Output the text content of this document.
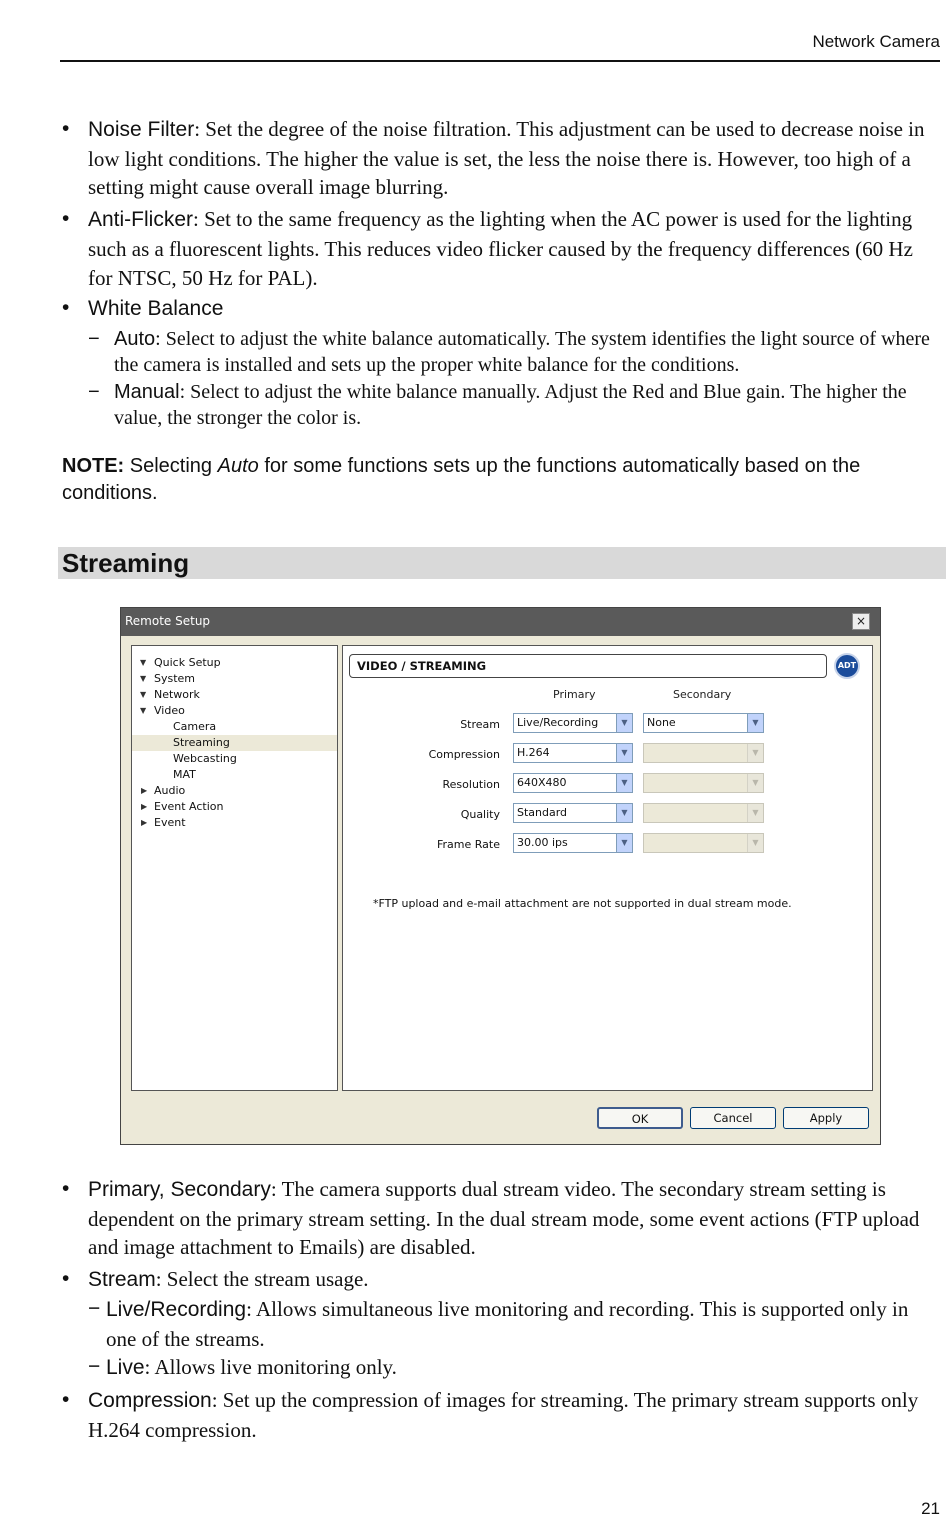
Network Camera
• Noise Filter: Set the degree of the noise filtration. This adjustment can be used to decrease noise in low light conditions. The higher the value is set, the less the noise there is. However, too high of a setting might cause overall image blurring.
• Anti-Flicker: Set to the same frequency as the lighting when the AC power is used for the lighting such as a fluorescent lights. This reduces video flicker caused by the frequency differences (60 Hz for NTSC, 50 Hz for PAL).
• White Balance
− Auto: Select to adjust the white balance automatically. The system identifies the light source of where the camera is installed and sets up the proper white balance for the conditions.
− Manual: Select to adjust the white balance manually. Adjust the Red and Blue gain. The higher the value, the stronger the color is.
NOTE: Selecting Auto for some functions sets up the functions automatically based on the conditions.
Streaming
Remote Setup	×
▼ Quick Setup
▼ System
▼ Network
▼ Video
Camera
Streaming
Webcasting
MAT
▶ Audio
▶ Event Action
▶ Event
VIDEO / STREAMING	ADT
Primary	Secondary
Stream	Live/Recording	▼	None	▼
Compression	H.264	▼	▼
Resolution	640X480	▼	▼
Quality	Standard	▼	▼
Frame Rate	30.00 ips	▼	▼
*FTP upload and e-mail attachment are not supported in dual stream mode.
OK	Cancel	Apply
• Primary, Secondary: The camera supports dual stream video. The secondary stream setting is dependent on the primary stream setting. In the dual stream mode, some event actions (FTP upload and image attachment to Emails) are disabled.
• Stream: Select the stream usage.
− Live/Recording: Allows simultaneous live monitoring and recording. This is supported only in one of the streams.
− Live: Allows live monitoring only.
• Compression: Set up the compression of images for streaming. The primary stream supports only H.264 compression.
21
